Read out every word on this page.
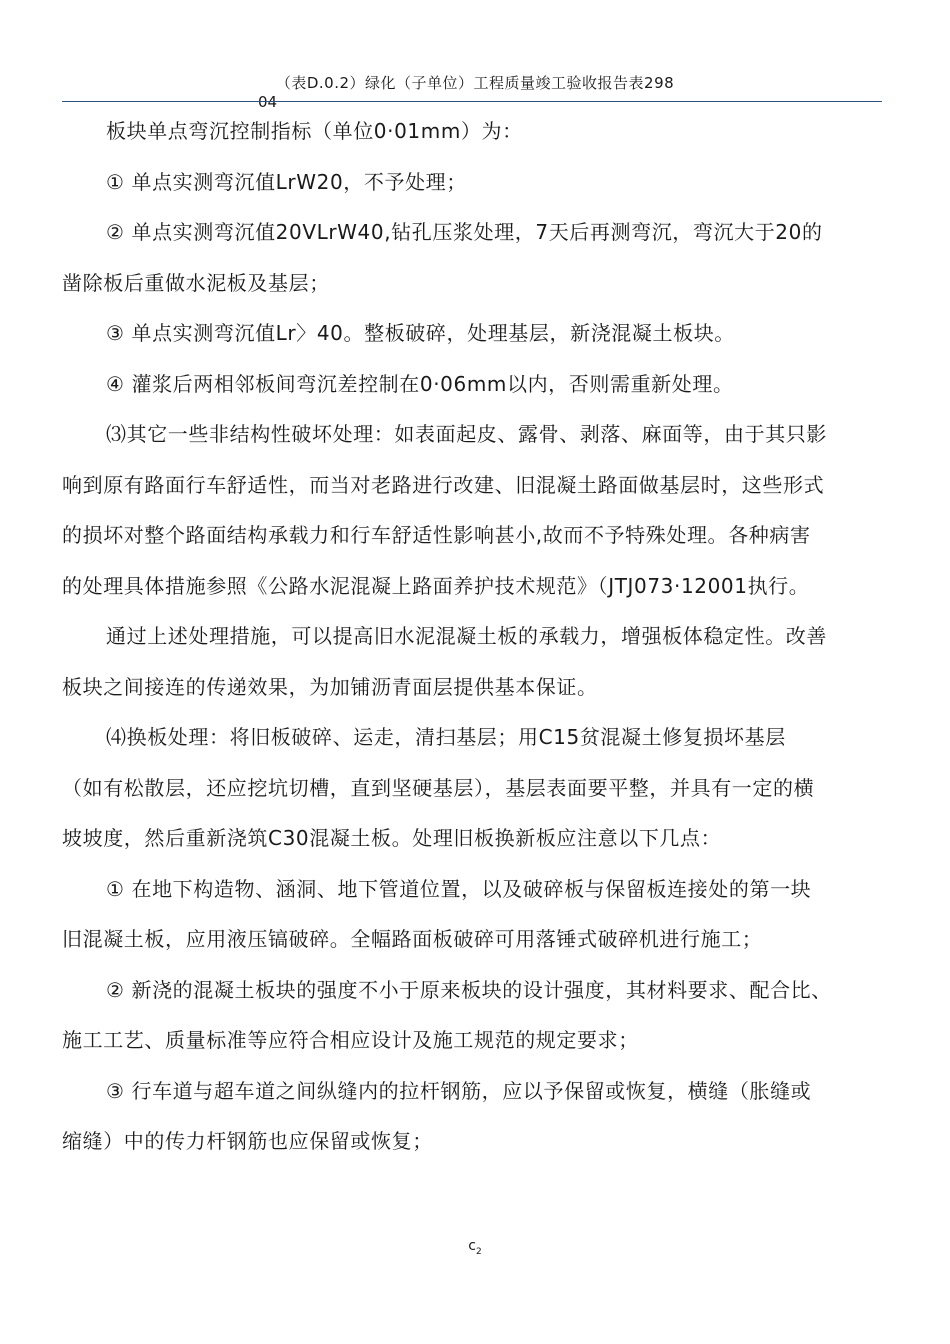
（表D.0.2）绿化（子单位）工程质量竣工验收报告表298
04
板块单点弯沉控制指标（单位0·01mm）为：
① 单点实测弯沉值LrW20，不予处理；
② 单点实测弯沉值20VLrW40,钻孔压浆处理，7天后再测弯沉，弯沉大于20的
凿除板后重做水泥板及基层；
③ 单点实测弯沉值Lr〉40。整板破碎，处理基层，新浇混凝土板块。
④ 灌浆后两相邻板间弯沉差控制在0·06mm以内，否则需重新处理。
⑶其它一些非结构性破坏处理：如表面起皮、露骨、剥落、麻面等，由于其只影
响到原有路面行车舒适性，而当对老路进行改建、旧混凝土路面做基层时，这些形式
的损坏对整个路面结构承载力和行车舒适性影响甚小,故而不予特殊处理。各种病害
的处理具体措施参照《公路水泥混凝上路面养护技术规范》（JTJ073·12001执行。
通过上述处理措施，可以提高旧水泥混凝土板的承载力，增强板体稳定性。改善
板块之间接连的传递效果，为加铺沥青面层提供基本保证。
⑷换板处理：将旧板破碎、运走，清扫基层；用C15贫混凝土修复损坏基层
（如有松散层，还应挖坑切槽，直到坚硬基层），基层表面要平整，并具有一定的横
坡坡度，然后重新浇筑C30混凝土板。处理旧板换新板应注意以下几点：
① 在地下构造物、涵洞、地下管道位置，以及破碎板与保留板连接处的第一块
旧混凝土板，应用液压镐破碎。全幅路面板破碎可用落锤式破碎机进行施工；
② 新浇的混凝土板块的强度不小于原来板块的设计强度，其材料要求、配合比、
施工工艺、质量标准等应符合相应设计及施工规范的规定要求；
③ 行车道与超车道之间纵缝内的拉杆钢筋，应以予保留或恢复，横缝（胀缝或
缩缝）中的传力杆钢筋也应保留或恢复；
$c_2$
